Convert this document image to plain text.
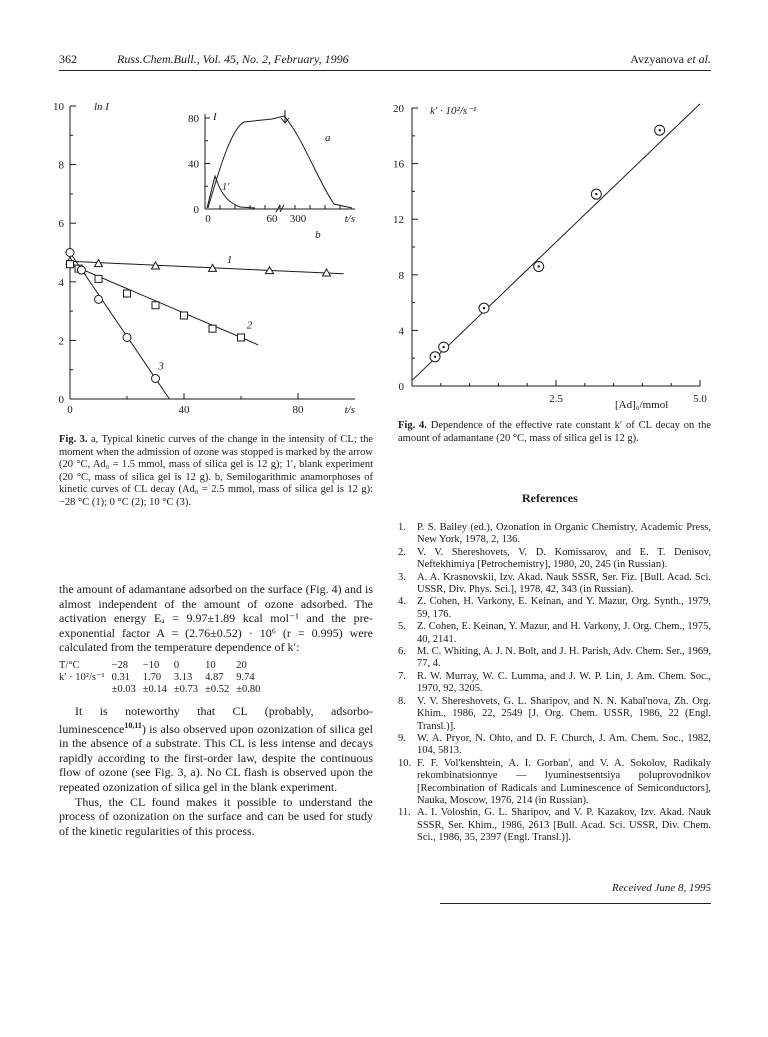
362	Russ.Chem.Bull., Vol. 45, No. 2, February, 1996	Avzyanova et al.
0
2
4
6
8
10
0	40	80
ln I
t/s
b
0
40
80
0	60 300	t/s
I
a
1'
1
2
3
Fig. 3. a, Typical kinetic curves of the change in the intensity of CL; the moment when the admission of ozone was stopped is marked by the arrow (20 °C, Ad₀ = 1.5 mmol, mass of silica gel is 12 g); 1′, blank experiment (20 °C, mass of silica gel is 12 g). b, Semilogarithmic anamorphoses of kinetic curves of CL decay (Ad₀ = 2.5 mmol, mass of silica gel is 12 g): −28 °C (1); 0 °C (2); 10 °C (3).
0
4
8
12
16
20
2.5	5.0
k′ · 10²/s⁻¹
[Ad]₀/mmol
Fig. 4. Dependence of the effective rate constant k′ of CL decay on the amount of adamantane (20 °C, mass of silica gel is 12 g).

the amount of adamantane adsorbed on the surface (Fig. 4) and is almost independent of the amount of ozone adsorbed. The activation energy Eₐ = 9.97±1.89 kcal mol⁻¹ and the pre-exponential factor A = (2.76±0.52) · 10⁶ (r = 0.995) were calculated from the temperature dependence of k′:

T/°C	−28	−10	0	10	20
k′ · 10²/s⁻¹	0.31	1.70	3.13	4.87	9.74
	±0.03	±0.14	±0.73	±0.52	±0.80

It is noteworthy that CL (probably, adsorbo-luminescence$^{10,11}$) is also observed upon ozonization of silica gel in the absence of a substrate. This CL is less intense and decays rapidly according to the first-order law, despite the continuous flow of ozone (see Fig. 3, a). No CL flash is observed upon the repeated ozonization of silica gel in the blank experiment.

Thus, the CL found makes it possible to understand the process of ozonization on the surface and can be used for study of the kinetic regularities of this process.

References
1. P. S. Bailey (ed.), Ozonation in Organic Chemistry, Academic Press, New York, 1978, 2, 136.
2. V. V. Shereshovets, V. D. Komissarov, and E. T. Denisov, Neftekhimiya [Petrochemistry], 1980, 20, 245 (in Russian).
3. A. A. Krasnovskii, Izv. Akad. Nauk SSSR, Ser. Fiz. [Bull. Acad. Sci. USSR, Div. Phys. Sci.], 1978, 42, 343 (in Russian).
4. Z. Cohen, H. Varkony, E. Keinan, and Y. Mazur, Org. Synth., 1979, 59, 176.
5. Z. Cohen, E. Keinan, Y. Mazur, and H. Varkony, J. Org. Chem., 1975, 40, 2141.
6. M. C. Whiting, A. J. N. Bolt, and J. H. Parish, Adv. Chem. Ser., 1969, 77, 4.
7. R. W. Murray, W. C. Lumma, and J. W. P. Lin, J. Am. Chem. Soc., 1970, 92, 3205.
8. V. V. Shereshovets, G. L. Sharipov, and N. N. Kabal'nova, Zh. Org. Khim., 1986, 22, 2549 [J. Org. Chem. USSR, 1986, 22 (Engl. Transl.)].
9. W. A. Pryor, N. Ohto, and D. F. Church, J. Am. Chem. Soc., 1982, 104, 5813.
10. F. F. Vol'kenshtein, A. I. Gorban', and V. A. Sokolov, Radikaly rekombinatsionnye — lyuminestsentsiya poluprovodnikov [Recombination of Radicals and Luminescence of Semiconductors], Nauka, Moscow, 1976, 214 (in Russian).
11. A. I. Voloshin, G. L. Sharipov, and V. P. Kazakov, Izv. Akad. Nauk SSSR, Ser. Khim., 1986, 2613 [Bull. Acad. Sci. USSR, Div. Chem. Sci., 1986, 35, 2397 (Engl. Transl.)].
Received June 8, 1995
